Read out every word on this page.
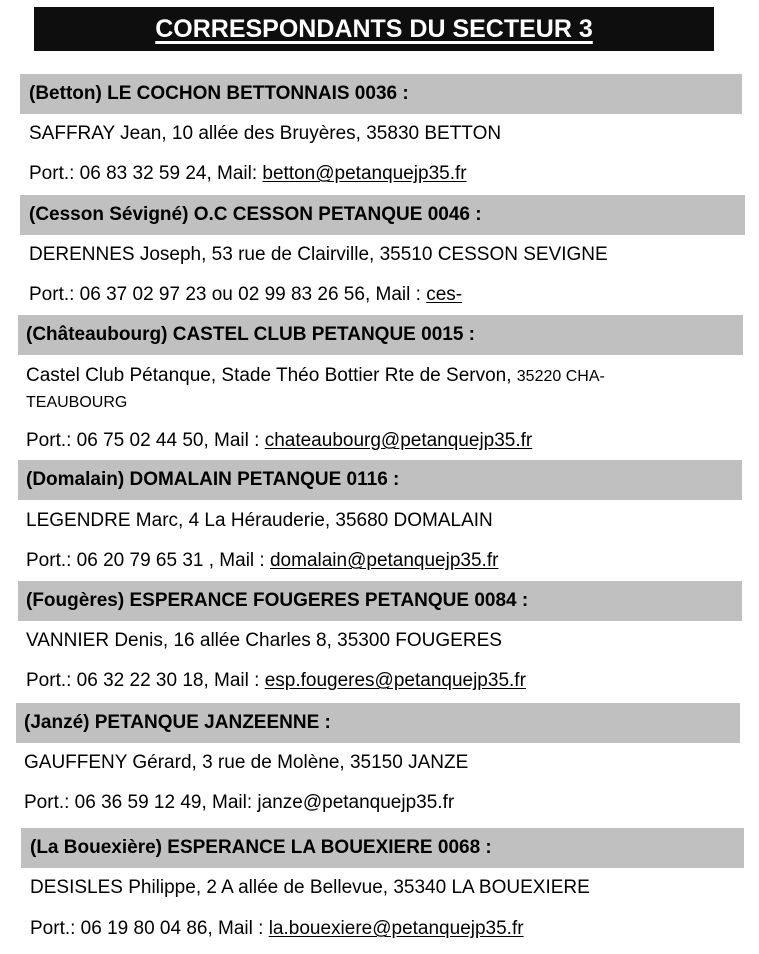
CORRESPONDANTS DU SECTEUR 3
(Betton)
LE COCHON BETTONNAIS 0036 :
SAFFRAY Jean, 10 allée des Bruyères, 35830 BETTON
Port.: 06 83 32 59 24, Mail: betton@petanquejp35.fr
(Cesson Sévigné)
O.C CESSON PETANQUE 0046 :
DERENNES Joseph, 53 rue de Clairville, 35510 CESSON SEVIGNE
Port.: 06 37 02 97 23 ou 02 99 83 26 56, Mail : ces-
(Châteaubourg)
CASTEL CLUB PETANQUE 0015 :
Castel Club Pétanque, Stade Théo Bottier Rte de Servon, 35220 CHA-
TEAUBOURG
Port.: 06 75 02 44 50, Mail : chateaubourg@petanquejp35.fr
(Domalain)
DOMALAIN PETANQUE 0116 :
LEGENDRE Marc, 4 La Hérauderie, 35680 DOMALAIN
Port.: 06 20 79 65 31 , Mail : domalain@petanquejp35.fr
(Fougères)
ESPERANCE FOUGERES PETANQUE 0084 :
VANNIER Denis, 16 allée Charles 8, 35300 FOUGERES
Port.: 06 32 22 30 18, Mail : esp.fougeres@petanquejp35.fr
(Janzé)
PETANQUE JANZEENNE :
GAUFFENY Gérard, 3 rue de Molène, 35150 JANZE
Port.: 06 36 59 12 49, Mail: janze@petanquejp35.fr
(La Bouexière)
ESPERANCE LA BOUEXIERE 0068 :
DESISLES Philippe, 2 A allée de Bellevue, 35340 LA BOUEXIERE
Port.: 06 19 80 04 86, Mail : la.bouexiere@petanquejp35.fr
